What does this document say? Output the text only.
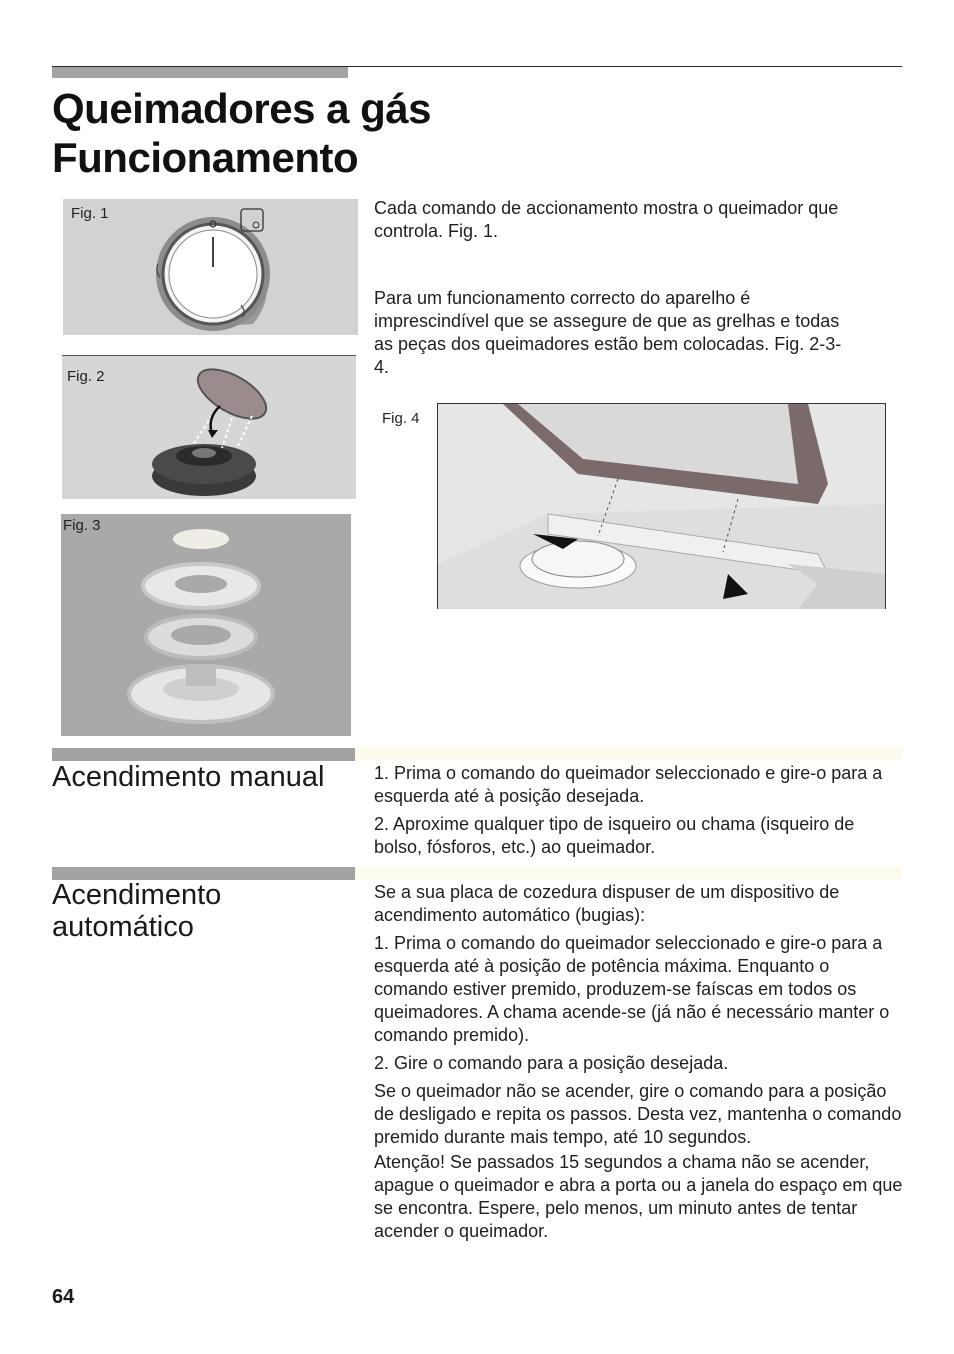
Queimadores a gás
Funcionamento
Fig. 1
Fig. 2
Fig. 3

Cada comando de accionamento mostra o queimador que controla. Fig. 1.

Para um funcionamento correcto do aparelho é imprescindível que se assegure de que as grelhas e todas as peças dos queimadores estão bem colocadas. Fig. 2-3-4.

Fig. 4
Acendimento manual	1. Prima o comando do queimador seleccionado e gire-o para a esquerda até à posição desejada.

2. Aproxime qualquer tipo de isqueiro ou chama (isqueiro de bolso, fósforos, etc.) ao queimador.

Acendimento
automático

Se a sua placa de cozedura dispuser de um dispositivo de acendimento automático (bugias):

1. Prima o comando do queimador seleccionado e gire-o para a esquerda até à posição de potência máxima. Enquanto o comando estiver premido, produzem-se faíscas em todos os queimadores. A chama acende-se (já não é necessário manter o comando premido).

2. Gire o comando para a posição desejada.

Se o queimador não se acender, gire o comando para a posição de desligado e repita os passos. Desta vez, mantenha o comando premido durante mais tempo, até 10 segundos.

Atenção! Se passados 15 segundos a chama não se acender, apague o queimador e abra a porta ou a janela do espaço em que se encontra. Espere, pelo menos, um minuto antes de tentar acender o queimador.

64
